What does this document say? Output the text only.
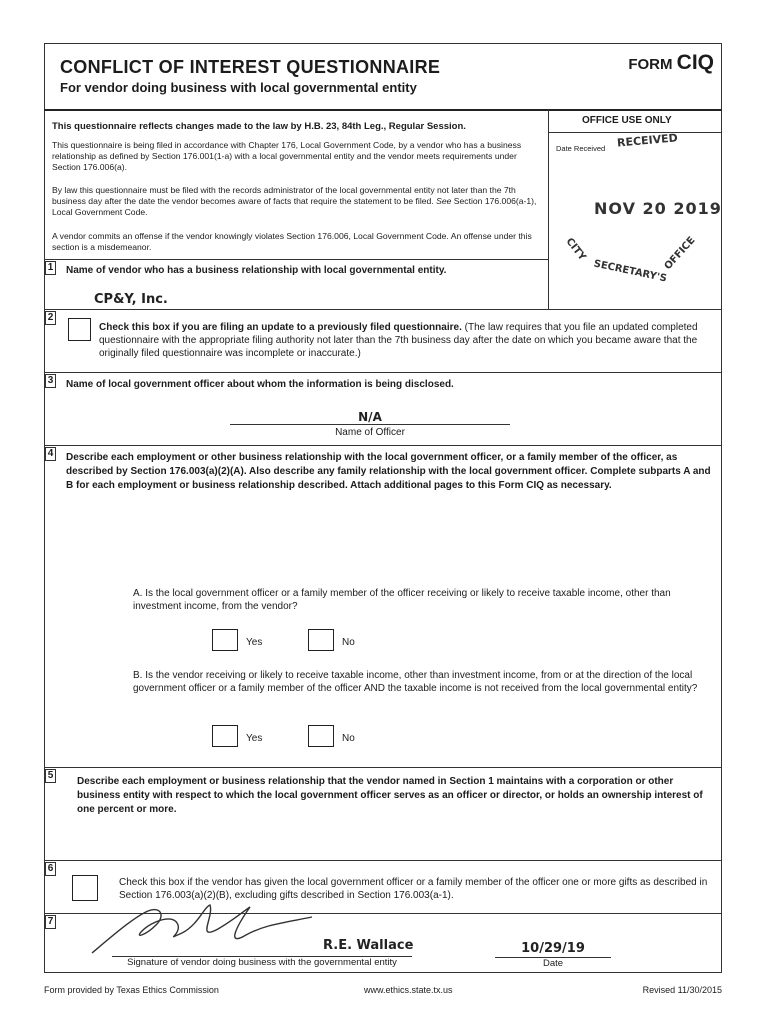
CONFLICT OF INTEREST QUESTIONNAIRE
For vendor doing business with local governmental entity
FORM CIQ
This questionnaire reflects changes made to the law by H.B. 23, 84th Leg., Regular Session.
This questionnaire is being filed in accordance with Chapter 176, Local Government Code, by a vendor who has a business relationship as defined by Section 176.001(1-a) with a local governmental entity and the vendor meets requirements under Section 176.006(a).
By law this questionnaire must be filed with the records administrator of the local governmental entity not later than the 7th business day after the date the vendor becomes aware of facts that require the statement to be filed. See Section 176.006(a-1), Local Government Code.
A vendor commits an offense if the vendor knowingly violates Section 176.006, Local Government Code. An offense under this section is a misdemeanor.
OFFICE USE ONLY
Date Received RECEIVED
NOV 20 2019
CITY
SECRETARY'S
OFFICE
1 Name of vendor who has a business relationship with local governmental entity.
CP&Y, Inc.
2
Check this box if you are filing an update to a previously filed questionnaire. (The law requires that you file an updated completed questionnaire with the appropriate filing authority not later than the 7th business day after the date on which you became aware that the originally filed questionnaire was incomplete or inaccurate.)
3 Name of local government officer about whom the information is being disclosed.
N/A
Name of Officer
4 Describe each employment or other business relationship with the local government officer, or a family member of the officer, as described by Section 176.003(a)(2)(A). Also describe any family relationship with the local government officer. Complete subparts A and B for each employment or business relationship described. Attach additional pages to this Form CIQ as necessary.
A. Is the local government officer or a family member of the officer receiving or likely to receive taxable income, other than investment income, from the vendor?
Yes	No
B. Is the vendor receiving or likely to receive taxable income, other than investment income, from or at the direction of the local government officer or a family member of the officer AND the taxable income is not received from the local governmental entity?
Yes	No
5
Describe each employment or business relationship that the vendor named in Section 1 maintains with a corporation or other business entity with respect to which the local government officer serves as an officer or director, or holds an ownership interest of one percent or more.
6
Check this box if the vendor has given the local government officer or a family member of the officer one or more gifts as described in Section 176.003(a)(2)(B), excluding gifts described in Section 176.003(a-1).
7
R.E. Wallace
Signature of vendor doing business with the governmental entity
10/29/19
Date
Form provided by Texas Ethics Commission	www.ethics.state.tx.us	Revised 11/30/2015
